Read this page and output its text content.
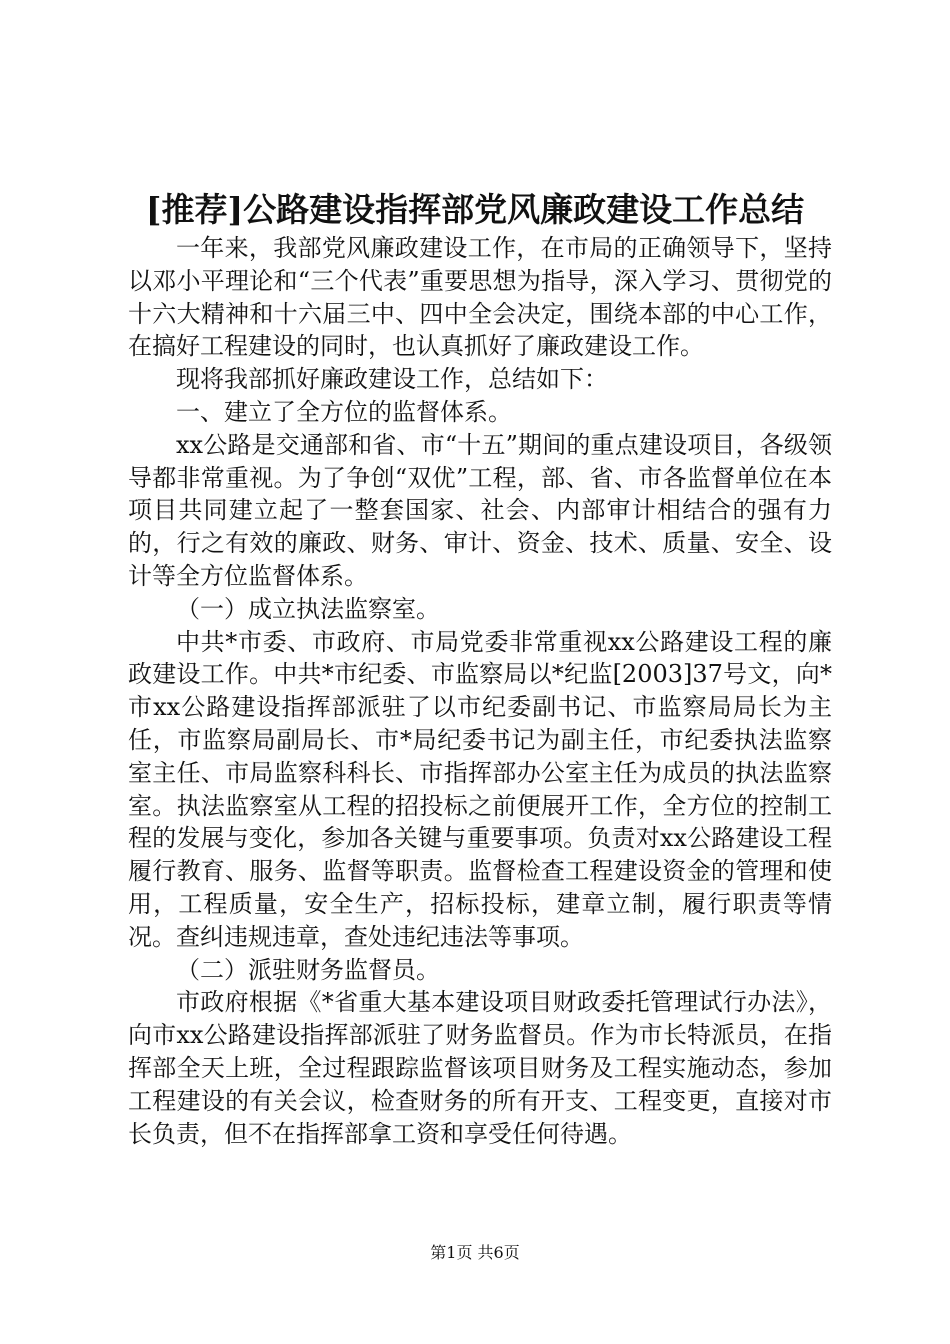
[推荐]公路建设指挥部党风廉政建设工作总结

一年来，我部党风廉政建设工作，在市局的正确领导下，坚持以邓小平理论和“三个代表”重要思想为指导，深入学习、贯彻党的十六大精神和十六届三中、四中全会决定，围绕本部的中心工作，在搞好工程建设的同时，也认真抓好了廉政建设工作。

现将我部抓好廉政建设工作，总结如下：

一、建立了全方位的监督体系。

xx公路是交通部和省、市“十五”期间的重点建设项目，各级领导都非常重视。为了争创“双优”工程，部、省、市各监督单位在本项目共同建立起了一整套国家、社会、内部审计相结合的强有力的，行之有效的廉政、财务、审计、资金、技术、质量、安全、设计等全方位监督体系。

（一）成立执法监察室。

中共*市委、市政府、市局党委非常重视xx公路建设工程的廉政建设工作。中共*市纪委、市监察局以*纪监[2003]37号文，向*市xx公路建设指挥部派驻了以市纪委副书记、市监察局局长为主任，市监察局副局长、市*局纪委书记为副主任，市纪委执法监察室主任、市局监察科科长、市指挥部办公室主任为成员的执法监察室。执法监察室从工程的招投标之前便展开工作，全方位的控制工程的发展与变化，参加各关键与重要事项。负责对xx公路建设工程履行教育、服务、监督等职责。监督检查工程建设资金的管理和使用，工程质量，安全生产，招标投标，建章立制，履行职责等情况。查纠违规违章，查处违纪违法等事项。

（二）派驻财务监督员。

市政府根据《*省重大基本建设项目财政委托管理试行办法》，向市xx公路建设指挥部派驻了财务监督员。作为市长特派员，在指挥部全天上班，全过程跟踪监督该项目财务及工程实施动态，参加工程建设的有关会议，检查财务的所有开支、工程变更，直接对市长负责，但不在指挥部拿工资和享受任何待遇。

第1页 共6页
